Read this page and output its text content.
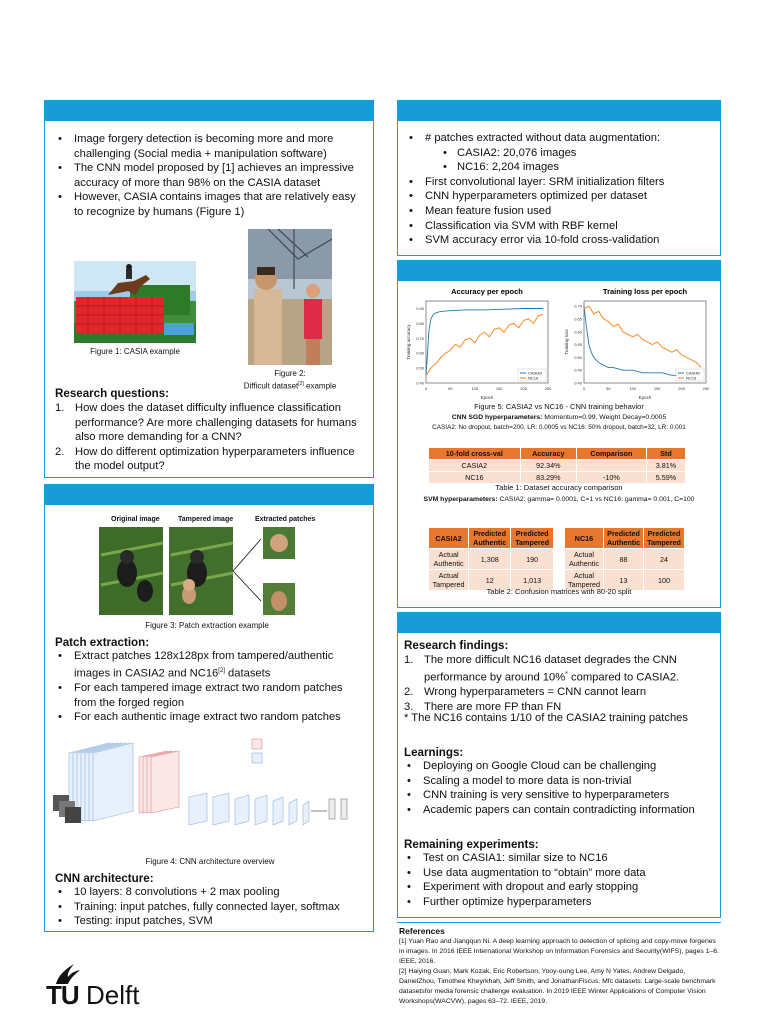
• Image forgery detection is becoming more and more challenging (Social media + manipulation software)
• The CNN model proposed by [1] achieves an impressive accuracy of more than 98% on the CASIA dataset
• However, CASIA contains images that are relatively easy to recognize by humans (Figure 1)
Figure 1: CASIA example
Figure 2:
Difficult dataset[2] example
Research questions:
1. How does the dataset difficulty influence classification performance? Are more challenging datasets for humans also more demanding for a CNN?
2. How do different optimization hyperparameters influence the model output?
Original image	Tampered image	Extracted patches
Figure 3: Patch extraction example
Patch extraction:
• Extract patches 128x128px from tampered/authentic images in CASIA2 and NC16[2] datasets
• For each tampered image extract two random patches from the forged region
• For each authentic image extract two random patches
Figure 4: CNN architecture overview
CNN architecture:
• 10 layers: 8 convolutions + 2 max pooling
• Training: input patches, fully connected layer, softmax
• Testing: input patches, SVM
• # patches extracted without data augmentation:
• CASIA2: 20,076 images
• NC16: 2,204 images
• First convolutional layer: SRM initialization filters
• CNN hyperparameters optimized per dataset
• Mean feature fusion used
• Classification via SVM with RBF kernel
• SVM accuracy error via 10-fold cross-validation
Accuracy per epoch
0	50	100	150	200	250
0.40
0.50
0.60
0.70
0.80
0.90
Epoch
Training accuracy
CASIA2
NC16
Training loss per epoch
0	50	100	150	200	250
0.40
0.45
0.50
0.55
0.60
0.65
0.70
Epoch
Training loss
CASIA2
NC16
Figure 5: CASIA2 vs NC16 - CNN training behavior
CNN SGD hyperparameters: Momentum=0.99, Weight Decay=0.0005
CASIA2: No dropout, batch=200, LR: 0.0005 vs NC16: 50% dropout, batch=32, LR: 0.001
10-fold cross-val	Accuracy	Comparison	Std
CASIA2	92.34%		3.81%
NC16	83.29%	-10%	5.59%
Table 1: Dataset accuracy comparison
SVM hyperparameters: CASIA2: gamma= 0.0001, C=1 vs NC16: gamma= 0.001, C=100
CASIA2	Predicted Authentic	Predicted Tampered
Actual Authentic	1,308	190
Actual Tampered	12	1,013
NC16	Predicted Authentic	Predicted Tampered
Actual Authentic	88	24
Actual Tampered	13	100
Table 2: Confusion matrices with 80-20 split
Research findings:
1. The more difficult NC16 dataset degrades the CNN performance by around 10%* compared to CASIA2.
2. Wrong hyperparameters = CNN cannot learn
3. There are more FP than FN
* The NC16 contains 1/10 of the CASIA2 training patches
Learnings:
• Deploying on Google Cloud can be challenging
• Scaling a model to more data is non-trivial
• CNN training is very sensitive to hyperparameters
• Academic papers can contain contradicting information
Remaining experiments:
• Test on CASIA1: similar size to NC16
• Use data augmentation to “obtain” more data
• Experiment with dropout and early stopping
• Further optimize hyperparameters
References
[1] Yuan Rao and Jiangqun Ni. A deep learning approach to detection of splicing and copy-move forgeries in images. In 2016 IEEE International Workshop on Information Forensics and Security(WIFS), pages 1–6. IEEE, 2016.
[2] Haiying Guan, Mark Kozak, Eric Robertson, Yooy-oung Lee, Amy N Yates, Andrew Delgado, DanielZhou, Timothee Kheyrkhah, Jeff Smith, and JonathanFiscus. Mfc datasets: Large-scale benchmark datasetsfor media forensic challenge evaluation. In 2019 IEEE Winter Applications of Computer Vision Workshops(WACVW), pages 63–72. IEEE, 2019.
TU Delft
